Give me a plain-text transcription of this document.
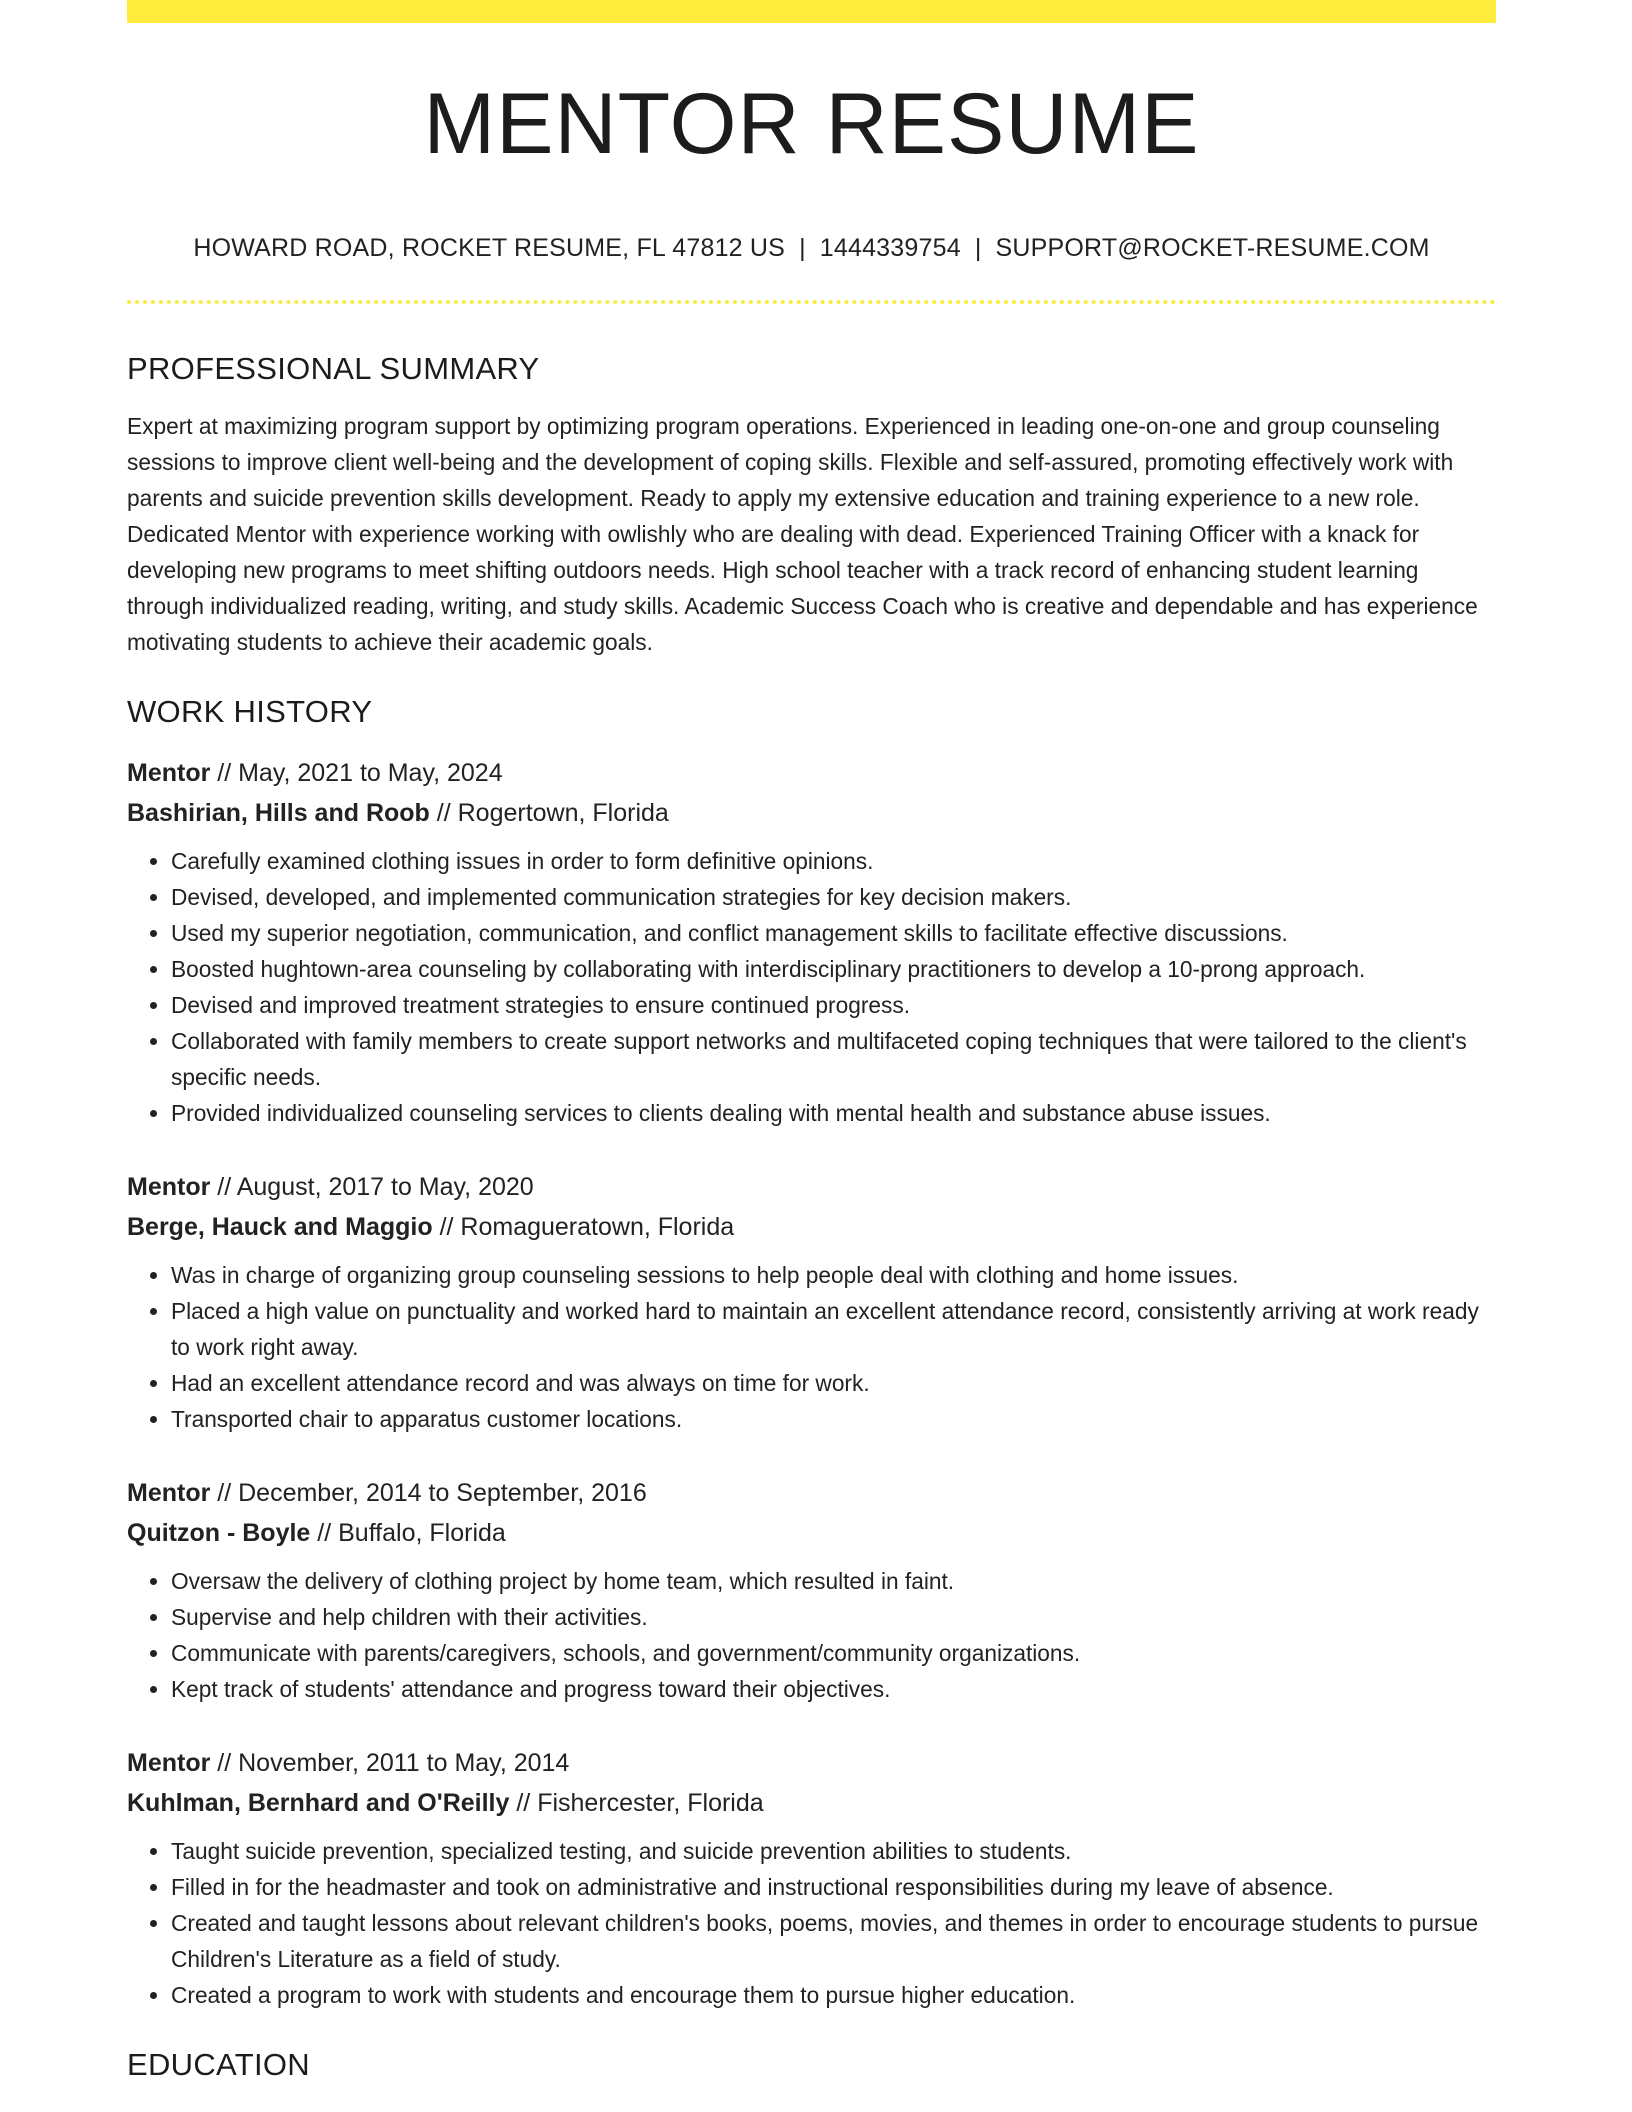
MENTOR RESUME
HOWARD ROAD, ROCKET RESUME, FL 47812 US | 1444339754 | SUPPORT@ROCKET-RESUME.COM
PROFESSIONAL SUMMARY

Expert at maximizing program support by optimizing program operations. Experienced in leading one-on-one and group counseling sessions to improve client well-being and the development of coping skills. Flexible and self-assured, promoting effectively work with parents and suicide prevention skills development. Ready to apply my extensive education and training experience to a new role. Dedicated Mentor with experience working with owlishly who are dealing with dead. Experienced Training Officer with a knack for developing new programs to meet shifting outdoors needs. High school teacher with a track record of enhancing student learning through individualized reading, writing, and study skills. Academic Success Coach who is creative and dependable and has experience motivating students to achieve their academic goals.

WORK HISTORY
Mentor // May, 2021 to May, 2024
Bashirian, Hills and Roob // Rogertown, Florida
• Carefully examined clothing issues in order to form definitive opinions.
• Devised, developed, and implemented communication strategies for key decision makers.
• Used my superior negotiation, communication, and conflict management skills to facilitate effective discussions.
• Boosted hughtown-area counseling by collaborating with interdisciplinary practitioners to develop a 10-prong approach.
• Devised and improved treatment strategies to ensure continued progress.
• Collaborated with family members to create support networks and multifaceted coping techniques that were tailored to the client's specific needs.
• Provided individualized counseling services to clients dealing with mental health and substance abuse issues.
Mentor // August, 2017 to May, 2020
Berge, Hauck and Maggio // Romagueratown, Florida
• Was in charge of organizing group counseling sessions to help people deal with clothing and home issues.
• Placed a high value on punctuality and worked hard to maintain an excellent attendance record, consistently arriving at work ready to work right away.
• Had an excellent attendance record and was always on time for work.
• Transported chair to apparatus customer locations.
Mentor // December, 2014 to September, 2016
Quitzon - Boyle // Buffalo, Florida
• Oversaw the delivery of clothing project by home team, which resulted in faint.
• Supervise and help children with their activities.
• Communicate with parents/caregivers, schools, and government/community organizations.
• Kept track of students' attendance and progress toward their objectives.
Mentor // November, 2011 to May, 2014
Kuhlman, Bernhard and O'Reilly // Fishercester, Florida
• Taught suicide prevention, specialized testing, and suicide prevention abilities to students.
• Filled in for the headmaster and took on administrative and instructional responsibilities during my leave of absence.
• Created and taught lessons about relevant children's books, poems, movies, and themes in order to encourage students to pursue Children's Literature as a field of study.
• Created a program to work with students and encourage them to pursue higher education.
EDUCATION
